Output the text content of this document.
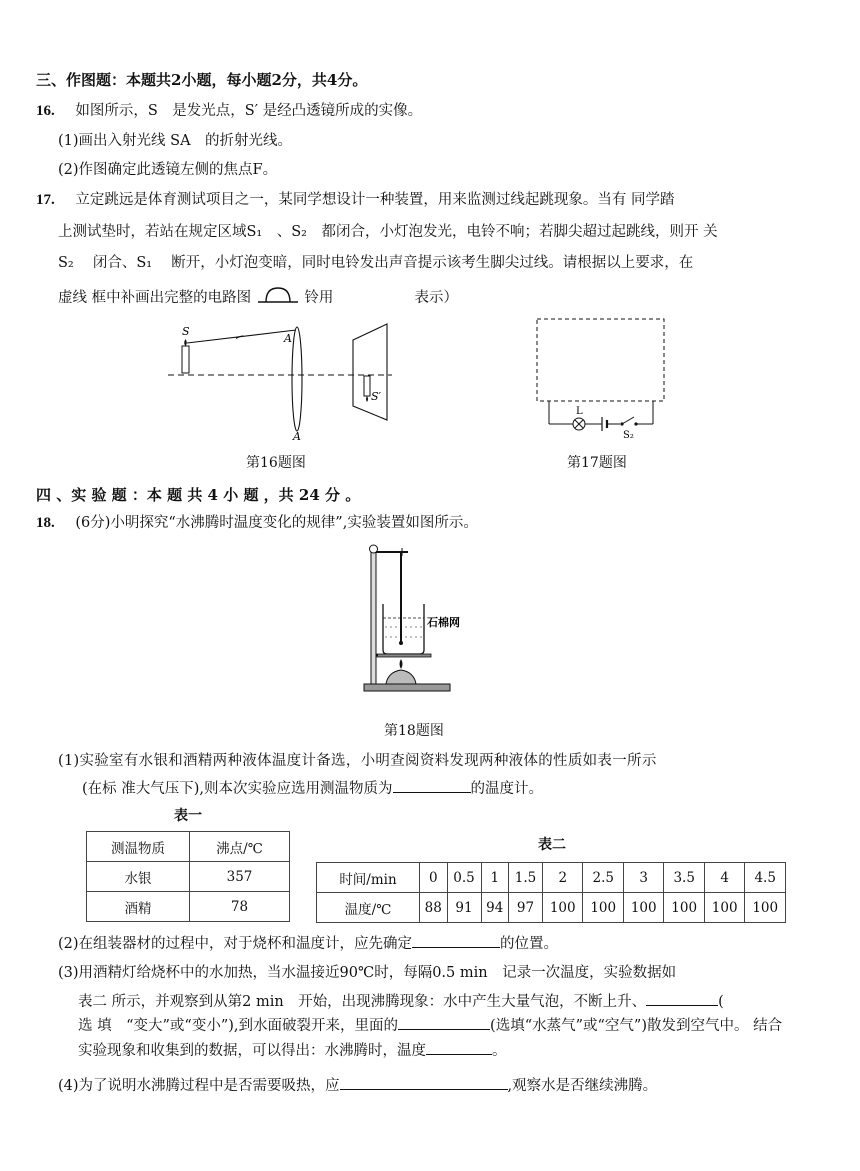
三、作图题：本题共2小题，每小题2分，共4分。
16. 如图所示，S　是发光点，S′ 是经凸透镜所成的实像。
(1)画出入射光线 SA　的折射光线。
(2)作图确定此透镜左侧的焦点F。
17. 立定跳远是体育测试项目之一，某同学想设计一种装置，用来监测过线起跳现象。当有 同学踏
上测试垫时，若站在规定区域S₁　、S₂　都闭合，小灯泡发光，电铃不响；若脚尖超过起跳线，则开 关
S₂　 闭合、S₁　 断开，小灯泡变暗，同时电铃发出声音提示该考生脚尖过线。请根据以上要求，在
虚线 框中补画出完整的电路图	铃用	表示）
S
A
A
S′
第16题图
L
S₂
第17题图
四 、实 验 题 ：本 题 共 4 小 题 ，共 24 分 。
18. (6分)小明探究“水沸腾时温度变化的规律”,实验装置如图所示。
石棉网
第18题图
(1)实验室有水银和酒精两种液体温度计备选，小明查阅资料发现两种液体的性质如表一所示
(在标 准大气压下),则本次实验应选用测温物质为	的温度计。
表一
测温物质	沸点/℃
水银	357
酒精	78
表二
时间/min	0	0.5	1	1.5	2	2.5	3	3.5	4	4.5
温度/℃	88	91	94	97	100	100	100	100	100	100
(2)在组装器材的过程中，对于烧杯和温度计，应先确定	的位置。
(3)用酒精灯给烧杯中的水加热，当水温接近90℃时，每隔0.5 min　记录一次温度，实验数据如
表二 所示，并观察到从第2 min　开始，出现沸腾现象：水中产生大量气泡，不断上升、	(
选 填　“变大”或“变小”),到水面破裂开来，里面的	(选填“水蒸气”或“空气”)散发到空气中。 结合
实验现象和收集到的数据，可以得出：水沸腾时，温度	。
(4)为了说明水沸腾过程中是否需要吸热，应	,观察水是否继续沸腾。
